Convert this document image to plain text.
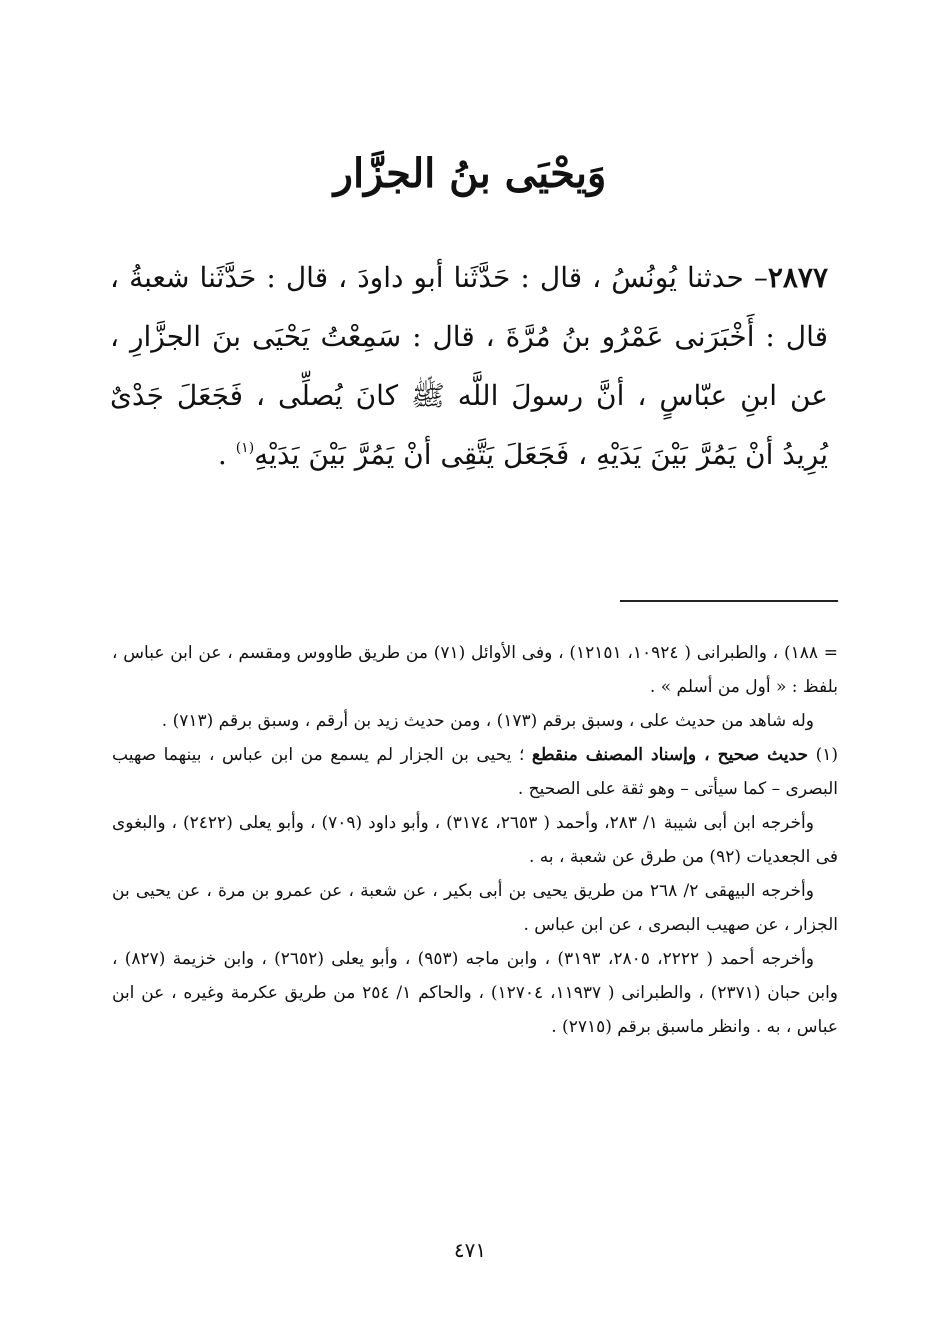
وَيحْيَى بنُ الجزَّار
٢٨٧٧– حدثنا يُونُسُ ، قال : حَدَّثَنا أبو داودَ ، قال : حَدَّثَنا شعبةُ ، قال : أَخْبَرَنى عَمْرُو بنُ مُرَّةَ ، قال : سَمِعْتُ يَحْيَى بنَ الجزَّارِ ، عن ابنِ عبّاسٍ ، أنَّ رسولَ اللَّه ﷺ كانَ يُصلِّى ، فَجَعَلَ جَدْىٌ يُرِيدُ أنْ يَمُرَّ بَيْنَ يَدَيْهِ ، فَجَعَلَ يَتَّقِى أنْ يَمُرَّ بَيْنَ يَدَيْهِ$^{(١)}$ .

= ١٨٨) ، والطبرانى ( ١٠٩٢٤، ١٢١٥١) ، وفى الأوائل (٧١) من طريق طاووس ومقسم ، عن ابن عباس ، بلفظ : « أول من أسلم » .

وله شاهد من حديث على ، وسبق برقم (١٧٣) ، ومن حديث زيد بن أرقم ، وسبق برقم (٧١٣) .

(١) حديث صحيح ، وإسناد المصنف منقطع ؛ يحيى بن الجزار لم يسمع من ابن عباس ، بينهما صهيب البصرى – كما سيأتى – وهو ثقة على الصحيح .

وأخرجه ابن أبى شيبة ١/ ٢٨٣، وأحمد ( ٢٦٥٣، ٣١٧٤) ، وأبو داود (٧٠٩) ، وأبو يعلى (٢٤٢٢) ، والبغوى فى الجعديات (٩٢) من طرق عن شعبة ، به .

وأخرجه البيهقى ٢/ ٢٦٨ من طريق يحيى بن أبى بكير ، عن شعبة ، عن عمرو بن مرة ، عن يحيى بن الجزار ، عن صهيب البصرى ، عن ابن عباس .

وأخرجه أحمد ( ٢٢٢٢، ٢٨٠٥، ٣١٩٣) ، وابن ماجه (٩٥٣) ، وأبو يعلى (٢٦٥٢) ، وابن خزيمة (٨٢٧) ، وابن حبان (٢٣٧١) ، والطبرانى ( ١١٩٣٧، ١٢٧٠٤) ، والحاكم ١/ ٢٥٤ من طريق عكرمة وغيره ، عن ابن عباس ، به . وانظر ماسبق برقم (٢٧١٥) .

٤٧١
